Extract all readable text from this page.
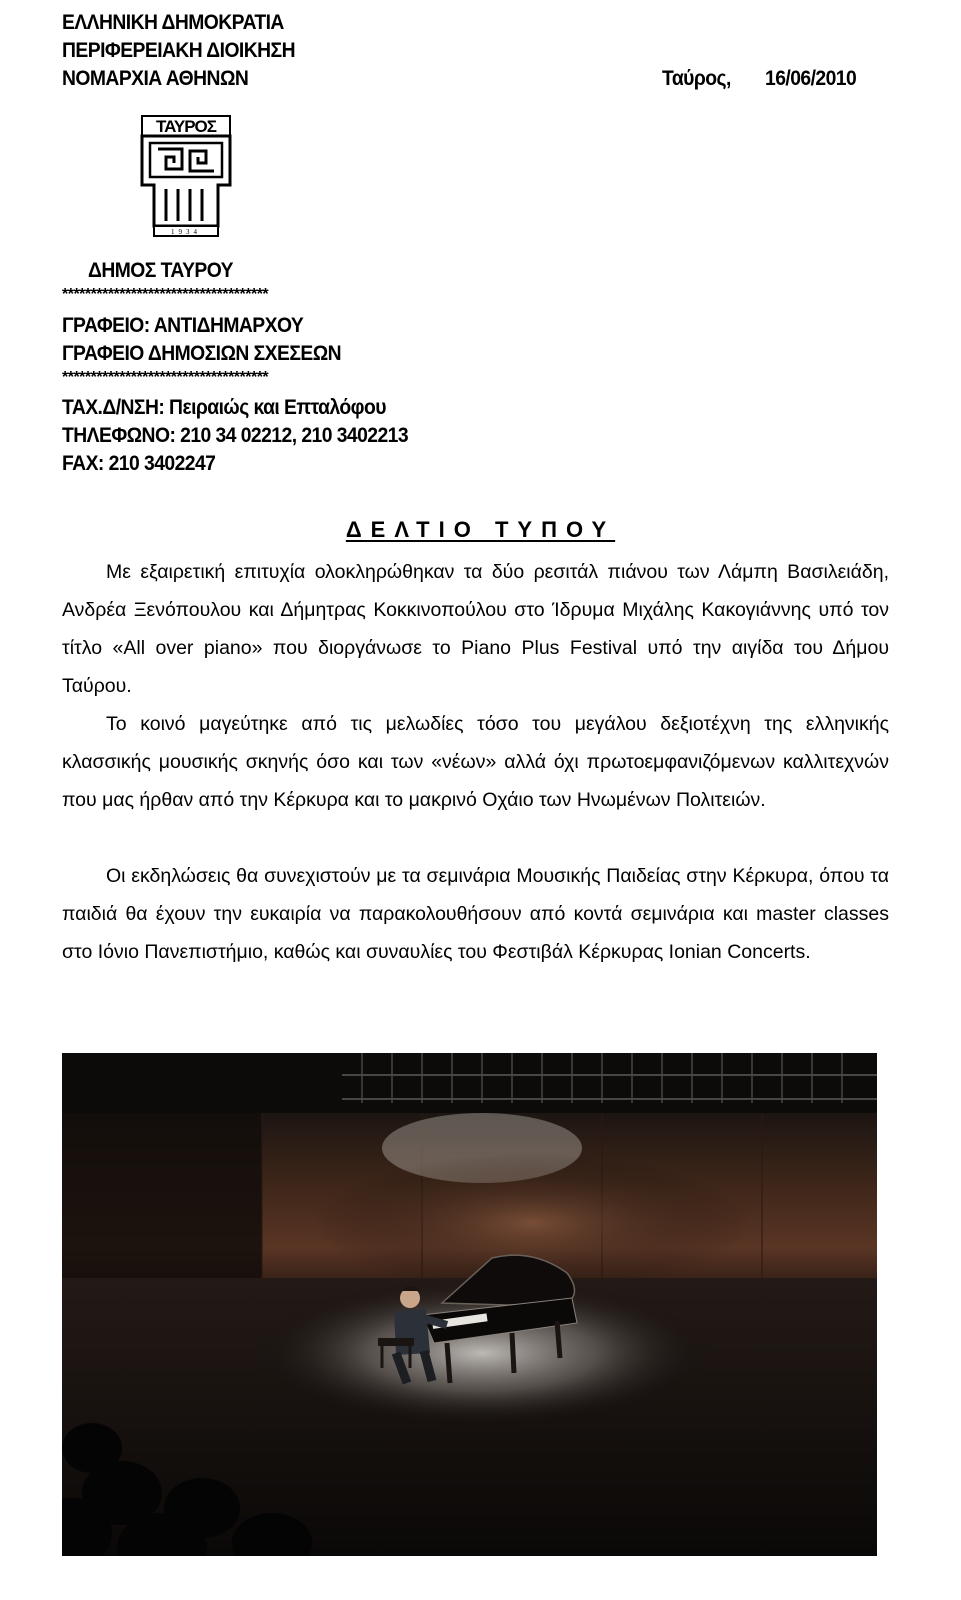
ΕΛΛΗΝΙΚΗ ΔΗΜΟΚΡΑΤΙΑ
ΠΕΡΙΦΕΡΕΙΑΚΗ ΔΙΟΙΚΗΣΗ
ΝΟΜΑΡΧΙΑ ΑΘΗΝΩΝ	Ταύρος, 16/06/2010
ΤΑΥΡΟΣ
1934
ΔΗΜΟΣ ΤΑΥΡΟΥ
************************************
ΓΡΑΦΕΙΟ: ΑΝΤΙΔΗΜΑΡΧΟΥ
ΓΡΑΦΕΙΟ ΔΗΜΟΣΙΩΝ ΣΧΕΣΕΩΝ
************************************
ΤΑΧ.Δ/ΝΣΗ: Πειραιώς και Επταλόφου
ΤΗΛΕΦΩΝΟ: 210 34 02212, 210 3402213
FAX: 210 3402247
ΔΕΛΤΙΟ ΤΥΠΟΥ

Με εξαιρετική επιτυχία ολοκληρώθηκαν τα δύο ρεσιτάλ πιάνου των Λάμπη Βασιλειάδη, Ανδρέα Ξενόπουλου και Δήμητρας Κοκκινοπούλου στο Ίδρυμα Μιχάλης Κακογιάννης υπό τον τίτλο «All over piano» που διοργάνωσε το Piano Plus Festival υπό την αιγίδα του Δήμου Ταύρου.

Το κοινό μαγεύτηκε από τις μελωδίες τόσο του μεγάλου δεξιοτέχνη της ελληνικής κλασσικής μουσικής σκηνής όσο και των «νέων» αλλά όχι πρωτοεμφανιζόμενων καλλιτεχνών που μας ήρθαν από την Κέρκυρα και το μακρινό Οχάιο των Ηνωμένων Πολιτειών.

Οι εκδηλώσεις θα συνεχιστούν με τα σεμινάρια Μουσικής Παιδείας στην Κέρκυρα, όπου τα παιδιά θα έχουν την ευκαιρία να παρακολουθήσουν από κοντά σεμινάρια και master classes στο Ιόνιο Πανεπιστήμιο, καθώς και συναυλίες του Φεστιβάλ Κέρκυρας Ionian Concerts.
